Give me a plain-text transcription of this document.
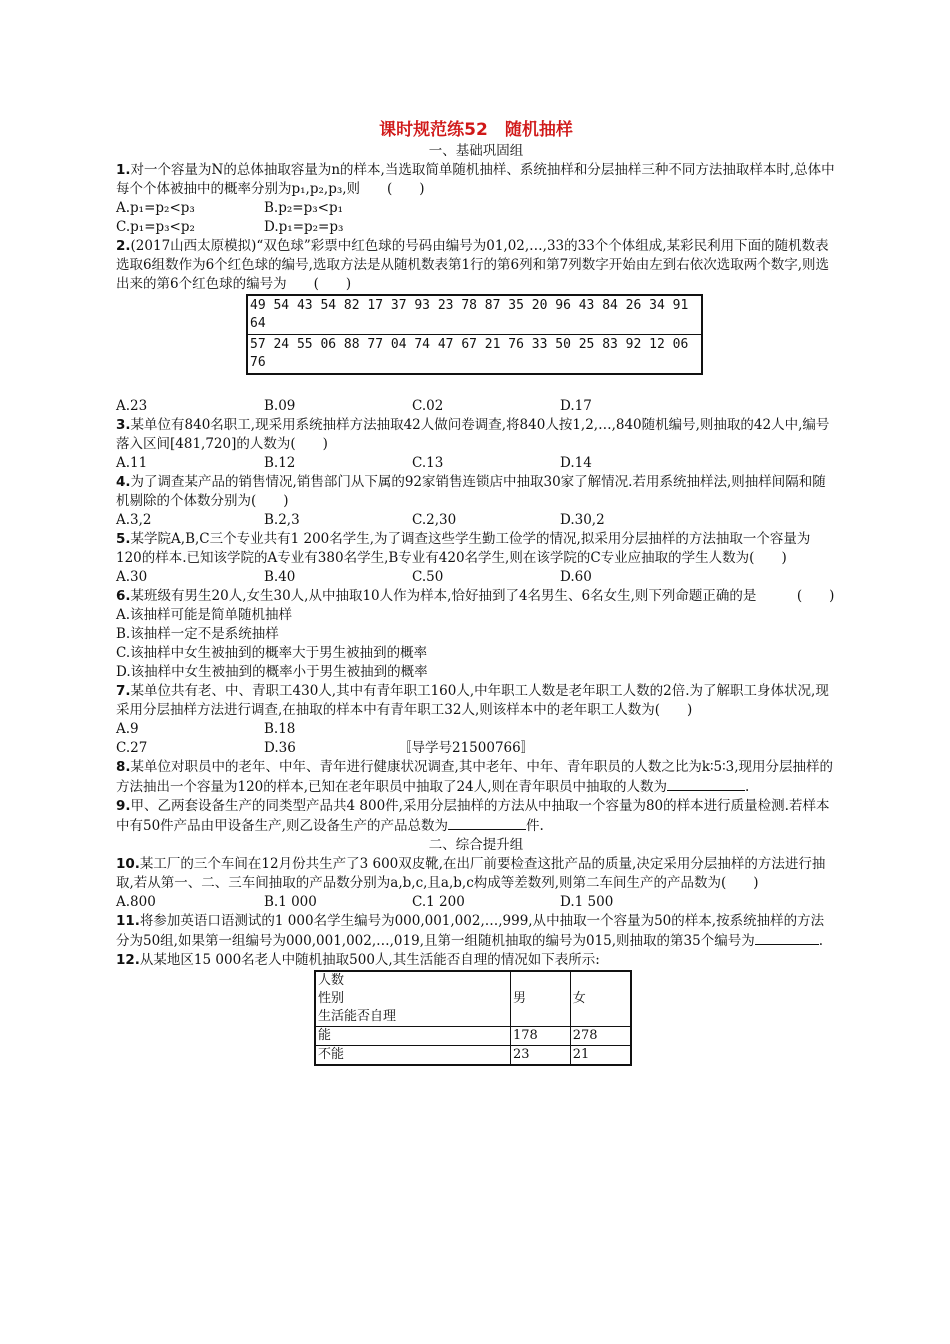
课时规范练52　随机抽样
一、基础巩固组

1.对一个容量为N的总体抽取容量为n的样本,当选取简单随机抽样、系统抽样和分层抽样三种不同方法抽取样本时,总体中每个个体被抽中的概率分别为p₁,p₂,p₃,则　　(　　)

A.p₁=p₂<p₃	B.p₂=p₃<p₁
C.p₁=p₃<p₂	D.p₁=p₂=p₃

2.(2017山西太原模拟)“双色球”彩票中红色球的号码由编号为01,02,…,33的33个个体组成,某彩民利用下面的随机数表选取6组数作为6个红色球的编号,选取方法是从随机数表第1行的第6列和第7列数字开始由左到右依次选取两个数字,则选出来的第6个红色球的编号为　　(　　)

49 54 43 54 82 17 37 93 23 78 87 35 20 96 43 84 26 34 91 64
57 24 55 06 88 77 04 74 47 67 21 76 33 50 25 83 92 12 06 76
A.23	B.09	C.02	D.17

3.某单位有840名职工,现采用系统抽样方法抽取42人做问卷调查,将840人按1,2,…,840随机编号,则抽取的42人中,编号落入区间[481,720]的人数为(　　)

A.11	B.12	C.13	D.14

4.为了调查某产品的销售情况,销售部门从下属的92家销售连锁店中抽取30家了解情况.若用系统抽样法,则抽样间隔和随机剔除的个体数分别为(　　)

A.3,2	B.2,3	C.2,30	D.30,2

5.某学院A,B,C三个专业共有1 200名学生,为了调查这些学生勤工俭学的情况,拟采用分层抽样的方法抽取一个容量为120的样本.已知该学院的A专业有380名学生,B专业有420名学生,则在该学院的C专业应抽取的学生人数为(　　)

A.30	B.40	C.50	D.60

6.某班级有男生20人,女生30人,从中抽取10人作为样本,恰好抽到了4名男生、6名女生,则下列命题正确的是　　　(　　)

A.该抽样可能是简单随机抽样
B.该抽样一定不是系统抽样
C.该抽样中女生被抽到的概率大于男生被抽到的概率
D.该抽样中女生被抽到的概率小于男生被抽到的概率

7.某单位共有老、中、青职工430人,其中有青年职工160人,中年职工人数是老年职工人数的2倍.为了解职工身体状况,现采用分层抽样方法进行调查,在抽取的样本中有青年职工32人,则该样本中的老年职工人数为(　　)

A.9	B.18
C.27	D.36	〚导学号21500766〛

8.某单位对职员中的老年、中年、青年进行健康状况调查,其中老年、中年、青年职员的人数之比为k∶5∶3,现用分层抽样的方法抽出一个容量为120的样本,已知在老年职员中抽取了24人,则在青年职员中抽取的人数为	.

9.甲、乙两套设备生产的同类型产品共4 800件,采用分层抽样的方法从中抽取一个容量为80的样本进行质量检测.若样本中有50件产品由甲设备生产,则乙设备生产的产品总数为	件.

二、综合提升组

10.某工厂的三个车间在12月份共生产了3 600双皮靴,在出厂前要检查这批产品的质量,决定采用分层抽样的方法进行抽取,若从第一、二、三车间抽取的产品数分别为a,b,c,且a,b,c构成等差数列,则第二车间生产的产品数为(　　)

A.800	B.1 000	C.1 200	D.1 500

11.将参加英语口语测试的1 000名学生编号为000,001,002,…,999,从中抽取一个容量为50的样本,按系统抽样的方法分为50组,如果第一组编号为000,001,002,…,019,且第一组随机抽取的编号为015,则抽取的第35个编号为	.

12.从某地区15 000名老人中随机抽取500人,其生活能否自理的情况如下表所示:

人数
性别
生活能否自理	男	女
能	178	278
不能	23	21
